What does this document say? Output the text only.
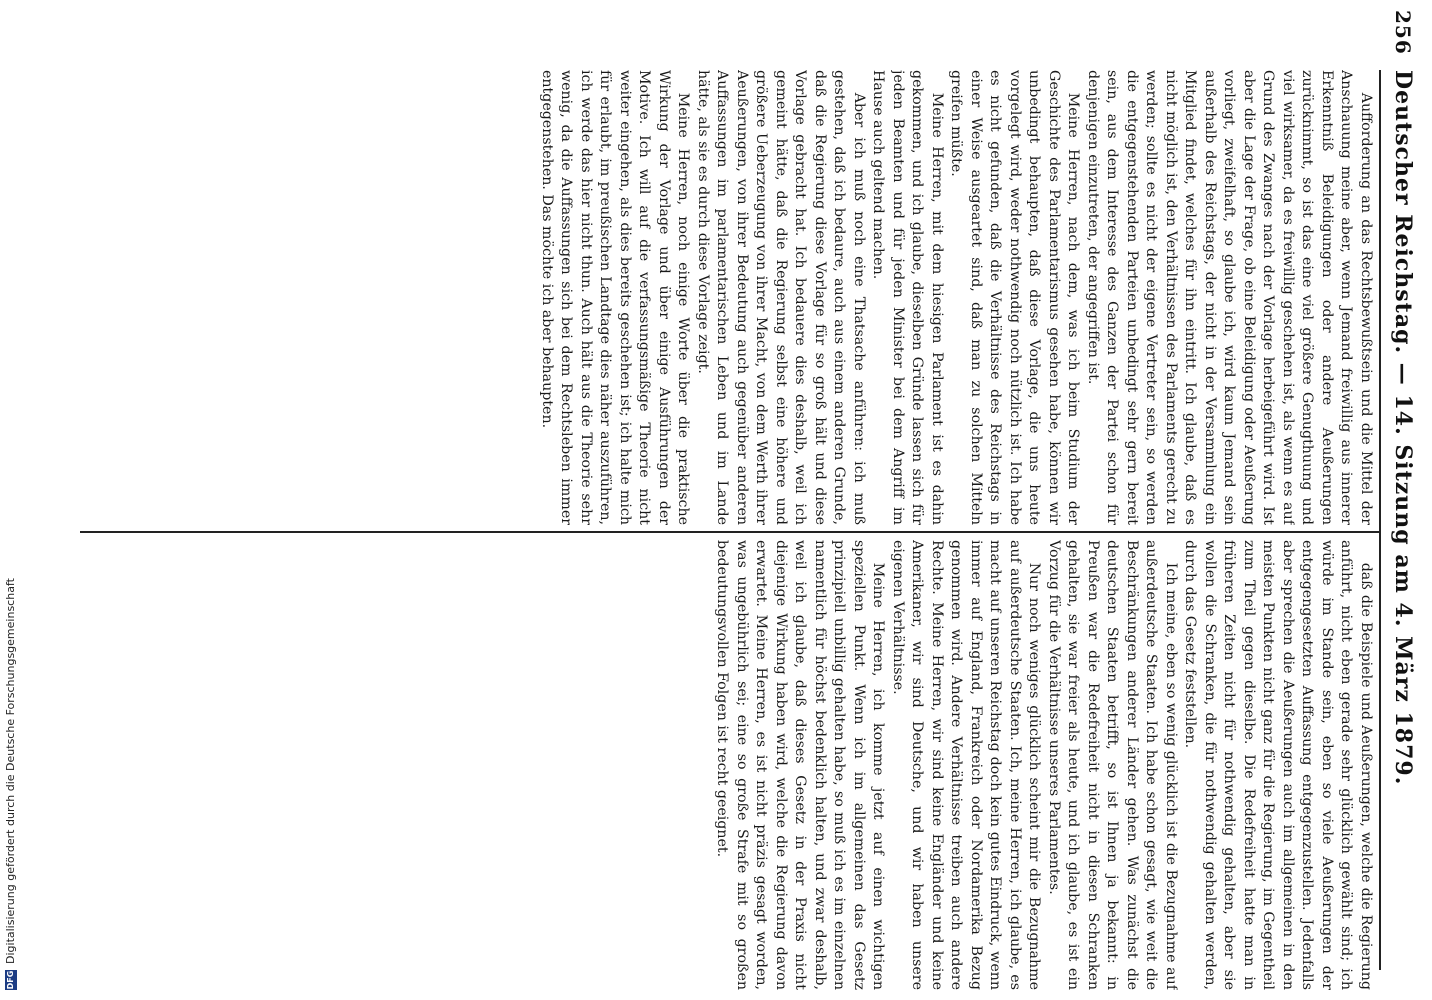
Deutscher Reichstag. — 14. Sitzung am 4. März 1879.
256

Aufforderung an das Rechtsbewußtsein und die Mittel der Anschauung meine aber, wenn Jemand freiwillig aus innerer Erkenntniß Beleidigungen oder andere Aeußerungen zurücknimmt, so ist das eine viel größere Genugthuung und viel wirksamer, da es freiwillig geschehen ist, als wenn es auf Grund des Zwanges nach der Vorlage herbeigeführt wird. Ist aber die Lage der Frage, ob eine Beleidigung oder Aeußerung vorliegt, zweifelhaft, so glaube ich, wird kaum Jemand sein außerhalb des Reichstags, der nicht in der Versammlung ein Mitglied findet, welches für ihn eintritt. Ich glaube, daß es nicht möglich ist, den Verhältnissen des Parlaments gerecht zu werden; sollte es nicht der eigene Vertreter sein, so werden die entgegenstehenden Parteien unbedingt sehr gern bereit sein, aus dem Interesse des Ganzen der Partei schon für denjenigen einzutreten, der angegriffen ist.

Meine Herren, nach dem, was ich beim Studium der Geschichte des Parlamentarismus gesehen habe, können wir unbedingt behaupten, daß diese Vorlage, die uns heute vorgelegt wird, weder nothwendig noch nützlich ist. Ich habe es nicht gefunden, daß die Verhältnisse des Reichstags in einer Weise ausgeartet sind, daß man zu solchen Mitteln greifen müßte.

Meine Herren, mit dem hiesigen Parlament ist es dahin gekommen, und ich glaube, dieselben Gründe lassen sich für jeden Beamten und für jeden Minister bei dem Angriff im Hause auch geltend machen.

Aber ich muß noch eine Thatsache anführen: ich muß gestehen, daß ich bedaure, auch aus einem anderen Grunde, daß die Regierung diese Vorlage für so groß hält und diese Vorlage gebracht hat. Ich bedauere dies deshalb, weil ich gemeint hätte, daß die Regierung selbst eine höhere und größere Ueberzeugung von ihrer Macht, von dem Werth ihrer Aeußerungen, von ihrer Bedeutung auch gegenüber anderen Auffassungen im parlamentarischen Leben und im Lande hätte, als sie es durch diese Vorlage zeigt.

Meine Herren, noch einige Worte über die praktische Wirkung der Vorlage und über einige Ausführungen der Motive. Ich will auf die verfassungsmäßige Theorie nicht weiter eingehen, als dies bereits geschehen ist; ich halte mich für erlaubt, im preußischen Landtage dies näher auszuführen, ich werde das hier nicht thun. Auch hält aus die Theorie sehr wenig, da die Auffassungen sich bei dem Rechtsleben immer entgegenstehen. Das möchte ich aber behaupten.

daß die Beispiele und Aeußerungen, welche die Regierung anführt, nicht eben gerade sehr glücklich gewählt sind; ich würde im Stande sein, eben so viele Aeußerungen der entgegengesetzten Auffassung entgegenzustellen. Jedenfalls aber sprechen die Aeußerungen auch im allgemeinen in den meisten Punkten nicht ganz für die Regierung, im Gegentheil zum Theil gegen dieselbe. Die Redefreiheit hatte man in früheren Zeiten nicht für nothwendig gehalten, aber sie wollen die Schranken, die für nothwendig gehalten werden, durch das Gesetz feststellen.

Ich meine, eben so wenig glücklich ist die Bezugnahme auf außerdeutsche Staaten. Ich habe schon gesagt, wie weit die Beschränkungen anderer Länder gehen. Was zunächst die deutschen Staaten betrifft, so ist Ihnen ja bekannt: in Preußen war die Redefreiheit nicht in diesen Schranken gehalten, sie war freier als heute, und ich glaube, es ist ein Vorzug für die Verhältnisse unseres Parlamentes.

Nur noch weniges glücklich scheint mir die Bezugnahme auf außerdeutsche Staaten. Ich, meine Herren, ich glaube, es macht auf unseren Reichstag doch kein gutes Eindruck, wenn immer auf England, Frankreich oder Nordamerika Bezug genommen wird. Andere Verhältnisse treiben auch andere Rechte. Meine Herren, wir sind keine Engländer und keine Amerikaner, wir sind Deutsche, und wir haben unsere eigenen Verhältnisse.

Meine Herren, ich komme jetzt auf einen wichtigen speziellen Punkt. Wenn ich im allgemeinen das Gesetz prinzipiell unbillig gehalten habe, so muß ich es im einzelnen namentlich für höchst bedenklich halten, und zwar deshalb, weil ich glaube, daß dieses Gesetz in der Praxis nicht diejenige Wirkung haben wird, welche die Regierung davon erwartet. Meine Herren, es ist nicht präzis gesagt worden, was ungebührlich sei; eine so große Strafe mit so großen bedeutungsvollen Folgen ist recht geeignet.

DFGDigitalisierung gefördert durch die Deutsche Forschungsgemeinschaft
